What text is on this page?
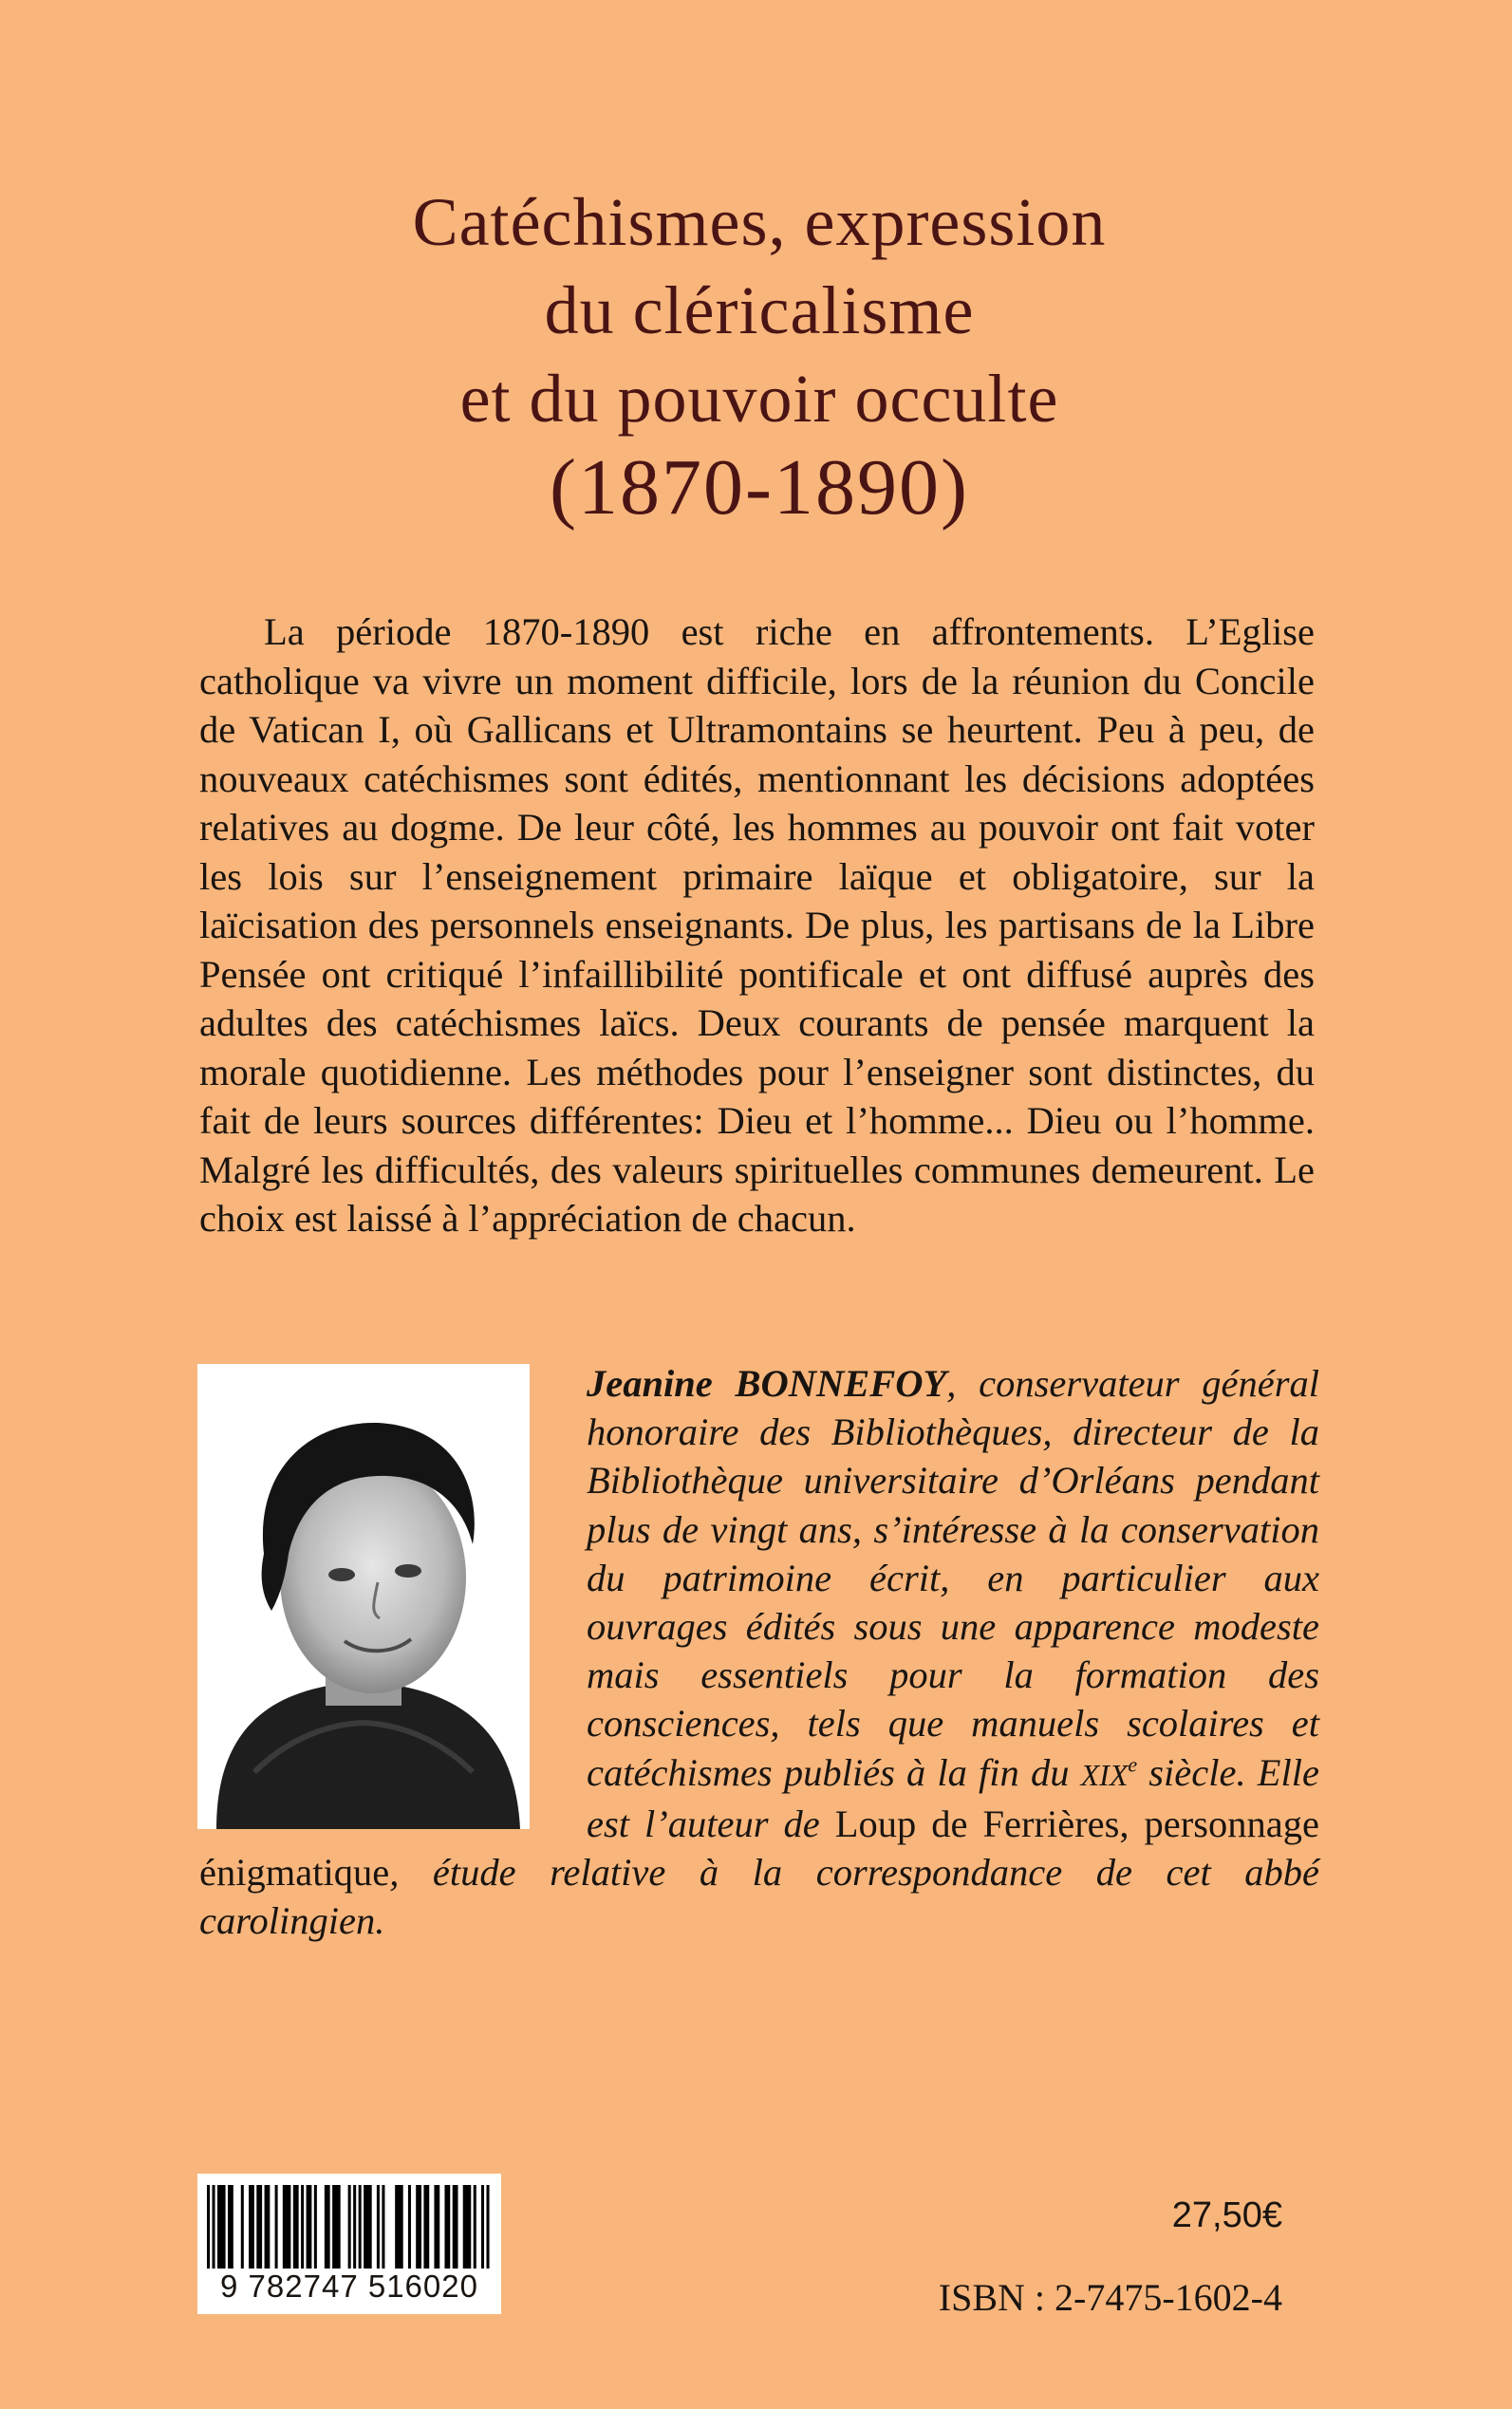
Catéchismes, expression
du cléricalisme
et du pouvoir occulte
(1870-1890)

La période 1870-1890 est riche en affrontements. L’Eglise catholique va vivre un moment difficile, lors de la réunion du Concile de Vatican I, où Gallicans et Ultramontains se heurtent. Peu à peu, de nouveaux catéchismes sont édités, mentionnant les décisions adoptées relatives au dogme. De leur côté, les hommes au pouvoir ont fait voter les lois sur l’enseignement primaire laïque et obligatoire, sur la laïcisation des personnels enseignants. De plus, les partisans de la Libre Pensée ont critiqué l’infaillibilité pontificale et ont diffusé auprès des adultes des catéchismes laïcs. Deux courants de pensée marquent la morale quotidienne. Les méthodes pour l’enseigner sont distinctes, du fait de leurs sources différentes: Dieu et l’homme... Dieu ou l’homme. Malgré les difficultés, des valeurs spirituelles communes demeurent. Le choix est laissé à l’appréciation de chacun.

Jeanine BONNEFOY, conservateur général honoraire des Bibliothèques, directeur de la Bibliothèque universitaire d’Orléans pendant plus de vingt ans, s’intéresse à la conservation du patrimoine écrit, en particulier aux ouvrages édités sous une apparence modeste mais essentiels pour la formation des consciences, tels que manuels scolaires et catéchismes publiés à la fin du XIXe siècle. Elle est l’auteur de Loup de Ferrières, personnage énigmatique, étude relative à la correspondance de cet abbé carolingien.

9 782747 516020
27,50€
ISBN : 2-7475-1602-4
